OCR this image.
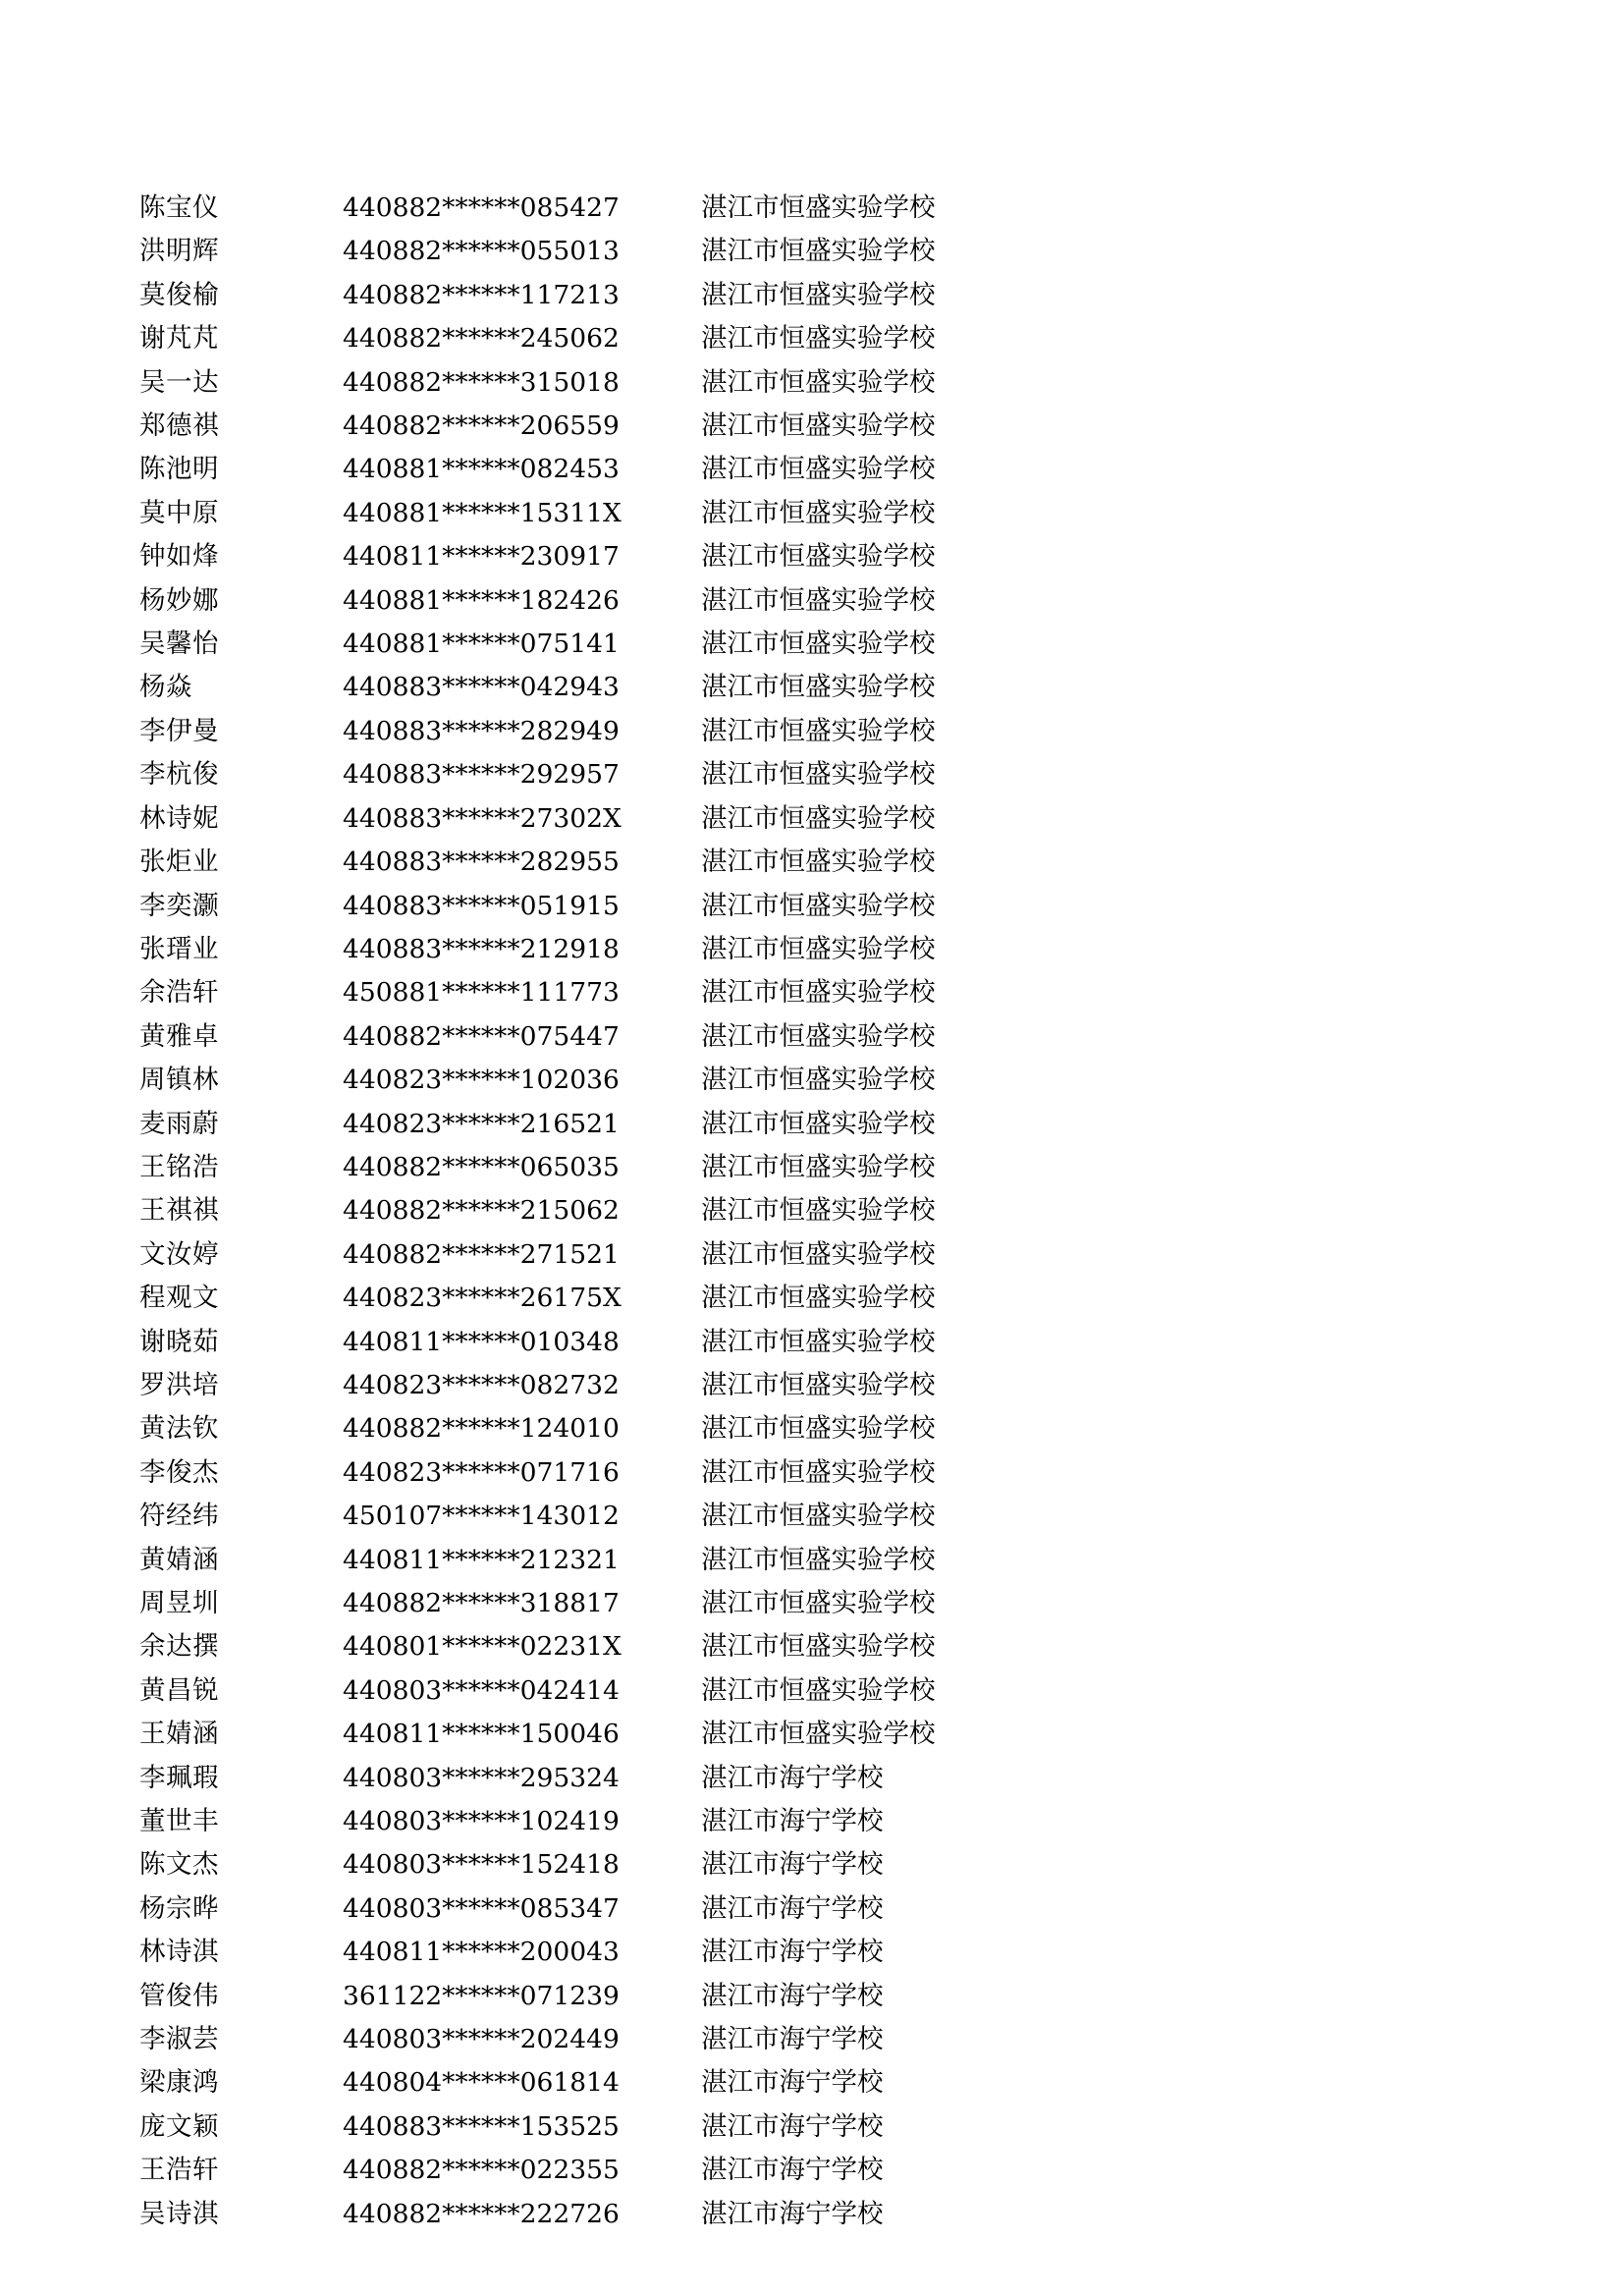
陈宝仪	440882******085427	湛江市恒盛实验学校
洪明辉	440882******055013	湛江市恒盛实验学校
莫俊榆	440882******117213	湛江市恒盛实验学校
谢芃芃	440882******245062	湛江市恒盛实验学校
吴一达	440882******315018	湛江市恒盛实验学校
郑德祺	440882******206559	湛江市恒盛实验学校
陈池明	440881******082453	湛江市恒盛实验学校
莫中原	440881******15311X	湛江市恒盛实验学校
钟如烽	440811******230917	湛江市恒盛实验学校
杨妙娜	440881******182426	湛江市恒盛实验学校
吴馨怡	440881******075141	湛江市恒盛实验学校
杨焱	440883******042943	湛江市恒盛实验学校
李伊曼	440883******282949	湛江市恒盛实验学校
李杭俊	440883******292957	湛江市恒盛实验学校
林诗妮	440883******27302X	湛江市恒盛实验学校
张炬业	440883******282955	湛江市恒盛实验学校
李奕灏	440883******051915	湛江市恒盛实验学校
张瑨业	440883******212918	湛江市恒盛实验学校
余浩轩	450881******111773	湛江市恒盛实验学校
黄雅卓	440882******075447	湛江市恒盛实验学校
周镇林	440823******102036	湛江市恒盛实验学校
麦雨蔚	440823******216521	湛江市恒盛实验学校
王铭浩	440882******065035	湛江市恒盛实验学校
王祺祺	440882******215062	湛江市恒盛实验学校
文汝婷	440882******271521	湛江市恒盛实验学校
程观文	440823******26175X	湛江市恒盛实验学校
谢晓茹	440811******010348	湛江市恒盛实验学校
罗洪培	440823******082732	湛江市恒盛实验学校
黄法钦	440882******124010	湛江市恒盛实验学校
李俊杰	440823******071716	湛江市恒盛实验学校
符经纬	450107******143012	湛江市恒盛实验学校
黄婧涵	440811******212321	湛江市恒盛实验学校
周昱圳	440882******318817	湛江市恒盛实验学校
余达撰	440801******02231X	湛江市恒盛实验学校
黄昌锐	440803******042414	湛江市恒盛实验学校
王婧涵	440811******150046	湛江市恒盛实验学校
李珮瑕	440803******295324	湛江市海宁学校
董世丰	440803******102419	湛江市海宁学校
陈文杰	440803******152418	湛江市海宁学校
杨宗晔	440803******085347	湛江市海宁学校
林诗淇	440811******200043	湛江市海宁学校
管俊伟	361122******071239	湛江市海宁学校
李淑芸	440803******202449	湛江市海宁学校
梁康鸿	440804******061814	湛江市海宁学校
庞文颖	440883******153525	湛江市海宁学校
王浩轩	440882******022355	湛江市海宁学校
吴诗淇	440882******222726	湛江市海宁学校
